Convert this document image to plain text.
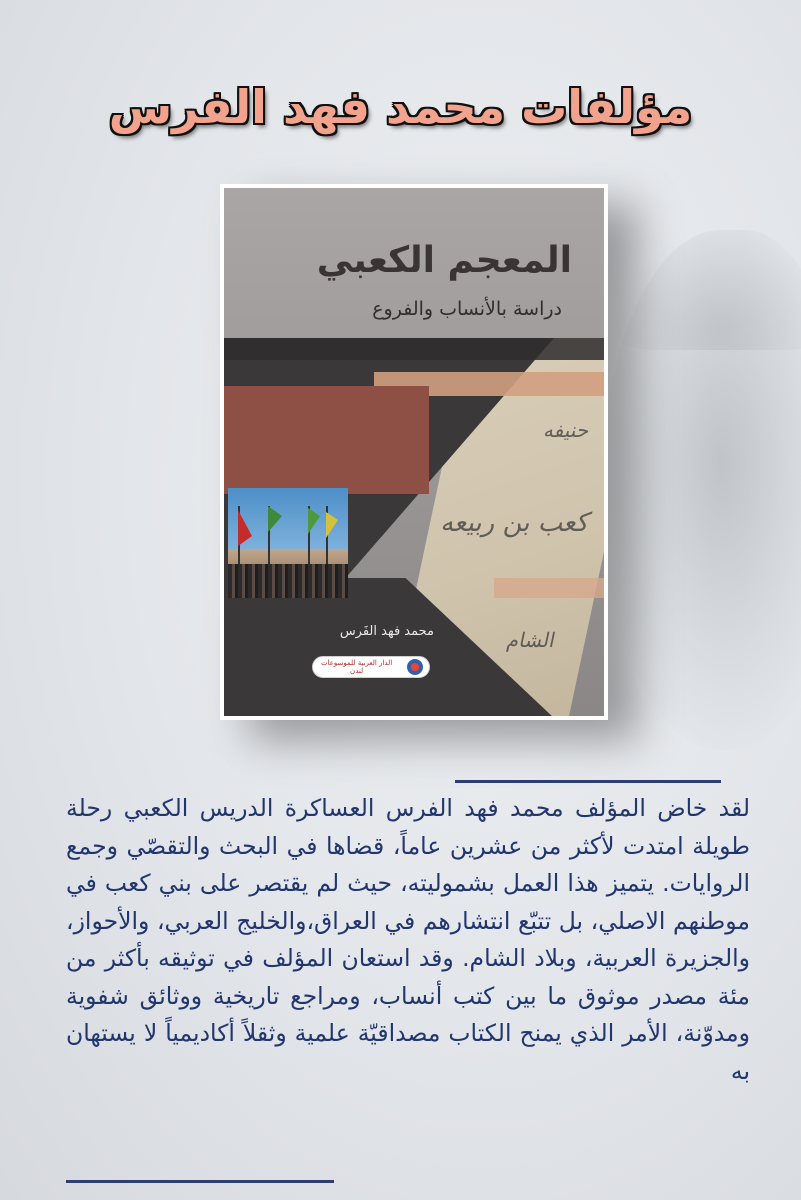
مؤلفات محمد فهد الفرس
حنيفه
كعب بن ربيعه
الشام
المعجم الكعبي
دراسة بالأنساب والفروع
محمد فهد الفَرس
الدار العربية للموسوعات
لندن
لقد خاض المؤلف محمد فهد الفرس العساكرة الدريس الكعبي رحلة طويلة امتدت لأكثر من عشرين عاماً، قضاها في البحث والتقصّي وجمع الروايات. يتميز هذا العمل بشموليته، حيث لم يقتصر على بني كعب في موطنهم الاصلي، بل تتبّع انتشارهم في العراق،والخليج العربي، والأحواز، والجزيرة العربية، وبلاد الشام. وقد استعان المؤلف في توثيقه بأكثر من مئة مصدر موثوق ما بين كتب أنساب، ومراجع تاريخية ووثائق شفوية ومدوّنة، الأمر الذي يمنح الكتاب مصداقيّة علمية وثقلاً أكاديمياً لا يستهان به
